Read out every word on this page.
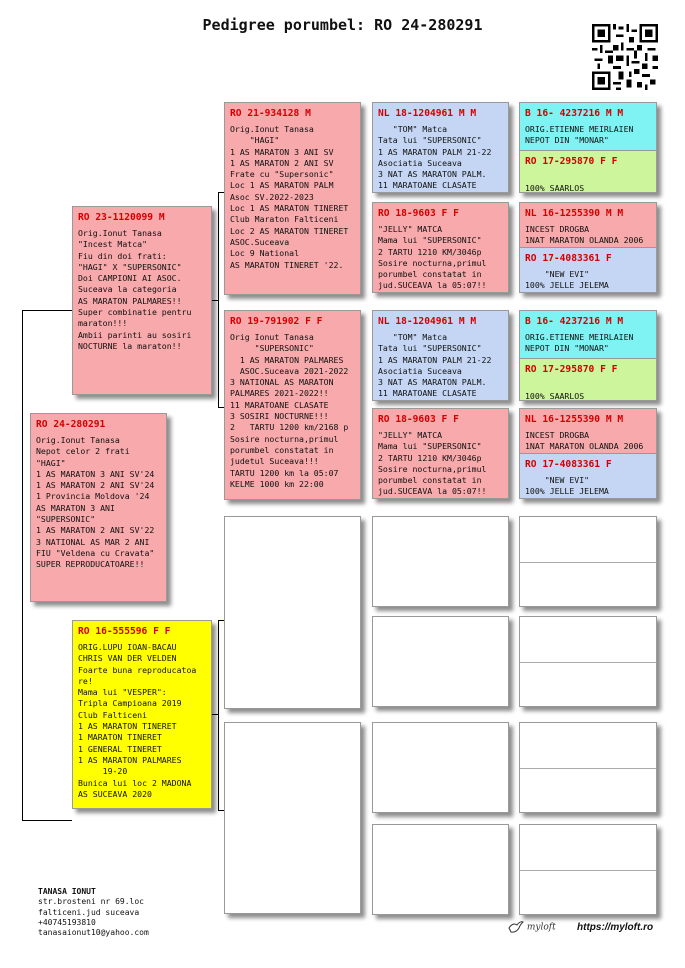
Pedigree porumbel: RO 24-280291
RO 24-280291
Orig.Ionut Tanasa
Nepot celor 2 frati
"HAGI"
1 AS MARATON 3 ANI SV'24
1 AS MARATON 2 ANI SV'24
1 Provincia Moldova '24
AS MARATON 3 ANI
"SUPERSONIC"
1 AS MARATON 2 ANI SV'22
3 NATIONAL AS MAR 2 ANI
FIU "Veldena cu Cravata"
SUPER REPRODUCATOARE!!
RO 23-1120099 M
Orig.Ionut Tanasa
"Incest Matca"
Fiu din doi frati:
"HAGI" X "SUPERSONIC"
Doi CAMPIONI AI ASOC.
Suceava la categoria
AS MARATON PALMARES!!
Super combinatie pentru
maraton!!!
Ambii parinti au sosiri
NOCTURNE la maraton!!
RO 16-555596 F F
ORIG.LUPU IOAN-BACAU
CHRIS VAN DER VELDEN
Foarte buna reproducatoa
re!
Mama lui "VESPER":
Tripla Campioana 2019
Club Falticeni
1 AS MARATON TINERET
1 MARATON TINERET
1 GENERAL TINERET
1 AS MARATON PALMARES
19-20
Bunica lui loc 2 MADONA
AS SUCEAVA 2020
RO 21-934128 M
Orig.Ionut Tanasa
"HAGI"
1 AS MARATON 3 ANI SV
1 AS MARATON 2 ANI SV
Frate cu "Supersonic"
Loc 1 AS MARATON PALM
Asoc SV.2022-2023
Loc 1 AS MARATON TINERET
Club Maraton Falticeni
Loc 2 AS MARATON TINERET
ASOC.Suceava
Loc 9 National
AS MARATON TINERET '22.
RO 19-791902 F F
Orig Ionut Tanasa
"SUPERSONIC"
1 AS MARATON PALMARES
ASOC.Suceava 2021-2022
3 NATIONAL AS MARATON
PALMARES 2021-2022!!
11 MARATOANE CLASATE
3 SOSIRI NOCTURNE!!!
2   TARTU 1200 km/2168 p
Sosire nocturna,primul
porumbel constatat in
judetul Suceava!!!
TARTU 1200 km la 05:07
KELME 1000 km 22:00
NL 18-1204961 M M
"TOM" Matca
Tata lui "SUPERSONIC"
1 AS MARATON PALM 21-22
Asociatia Suceava
3 NAT AS MARATON PALM.
11 MARATOANE CLASATE
RO 18-9603 F F
"JELLY" MATCA
Mama lui "SUPERSONIC"
2 TARTU 1210 KM/3046p
Sosire nocturna,primul
porumbel constatat in
jud.SUCEAVA la 05:07!!
NL 18-1204961 M M
"TOM" Matca
Tata lui "SUPERSONIC"
1 AS MARATON PALM 21-22
Asociatia Suceava
3 NAT AS MARATON PALM.
11 MARATOANE CLASATE
RO 18-9603 F F
"JELLY" MATCA
Mama lui "SUPERSONIC"
2 TARTU 1210 KM/3046p
Sosire nocturna,primul
porumbel constatat in
jud.SUCEAVA la 05:07!!
B 16- 4237216 M M
ORIG.ETIENNE MEIRLAIEN
NEPOT DIN "MONAR"
RO 17-295870 F F

100% SAARLOS
NL 16-1255390 M M
INCEST DROGBA
1NAT MARATON OLANDA 2006
RO 17-4083361 F
"NEW EVI"
100% JELLE JELEMA
B 16- 4237216 M M
ORIG.ETIENNE MEIRLAIEN
NEPOT DIN "MONAR"
RO 17-295870 F F

100% SAARLOS
NL 16-1255390 M M
INCEST DROGBA
1NAT MARATON OLANDA 2006
RO 17-4083361 F
"NEW EVI"
100% JELLE JELEMA
TANASA IONUT
str.brosteni nr 69.loc
falticeni.jud suceava
+40745193810
tanasaionut10@yahoo.com
myloft https://myloft.ro
